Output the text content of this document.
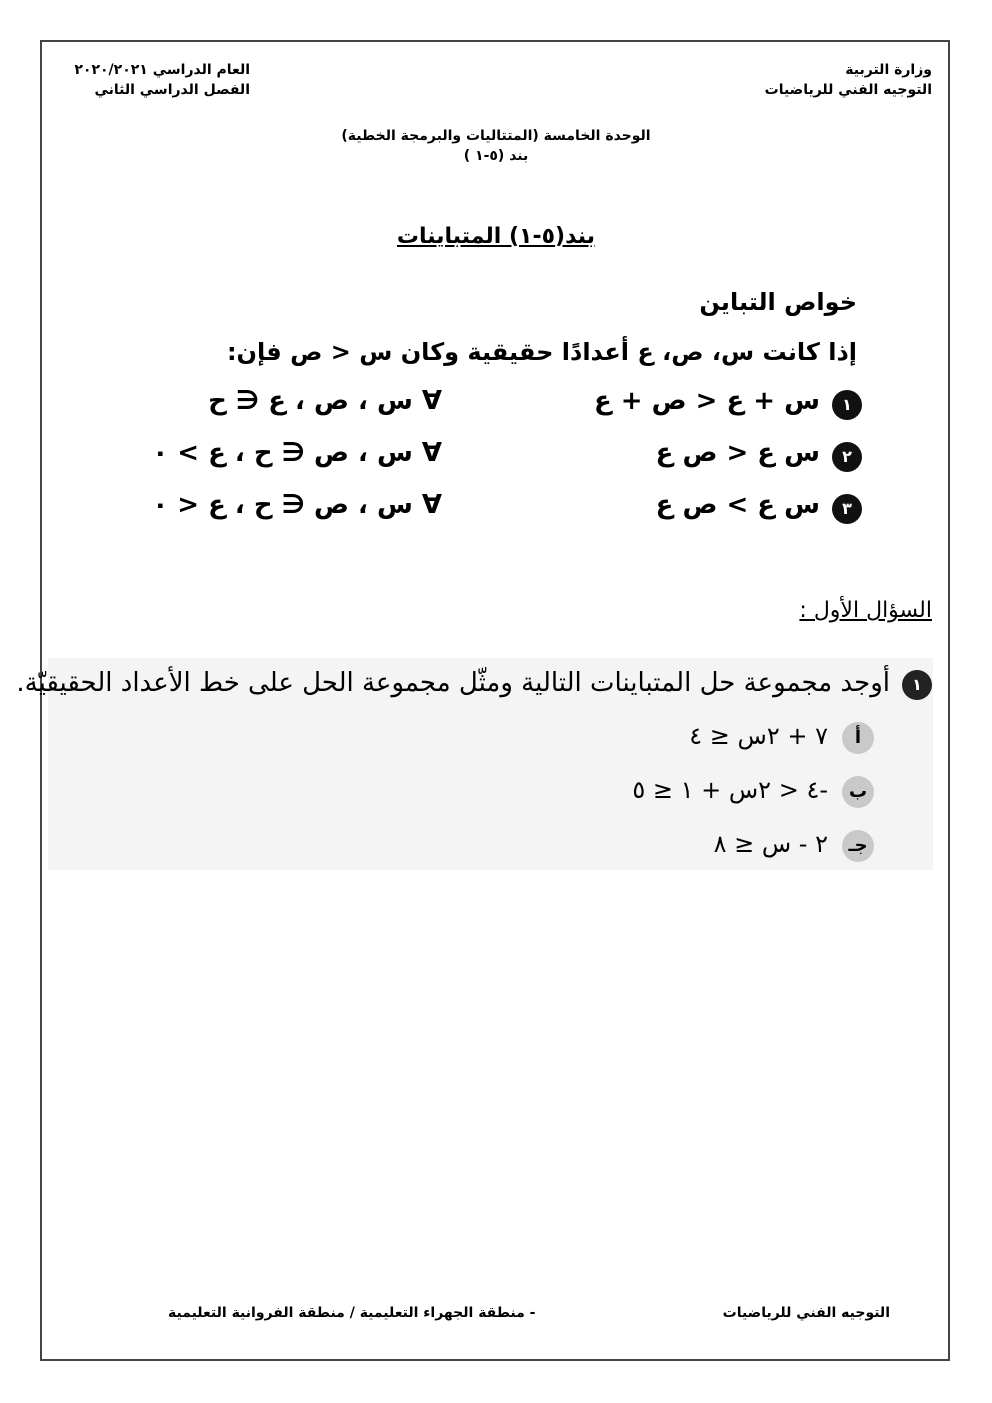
وزارة التربية
التوجيه الفني للرياضيات
العام الدراسي ٢٠٢٠/٢٠٢١
الفصل الدراسي الثاني
الوحدة الخامسة (المتتاليات والبرمجة الخطية)
بند (٥-١ )
بند(٥-١) المتباينات
خواص التباين
إذا كانت س، ص، ع أعدادًا حقيقية وكان س < ص فإن:
١
س + ع < ص + ع
∀ س ، ص ، ع ∈ ح
٢
س ع < ص ع
∀ س ، ص ∈ ح ، ع > ٠
٣
س ع > ص ع
∀ س ، ص ∈ ح ، ع < ٠
السؤال الأول :
١
أوجد مجموعة حل المتباينات التالية ومثّل مجموعة الحل على خط الأعداد الحقيقيّة.
أ
٧ + ٢س ≤ ٤
ب
-٤ < ٢س + ١ ≤ ٥
جـ
٢ - س ≤ ٨
التوجيه الفني للرياضيات
- منطقة الجهراء التعليمية / منطقة الفروانية التعليمية
